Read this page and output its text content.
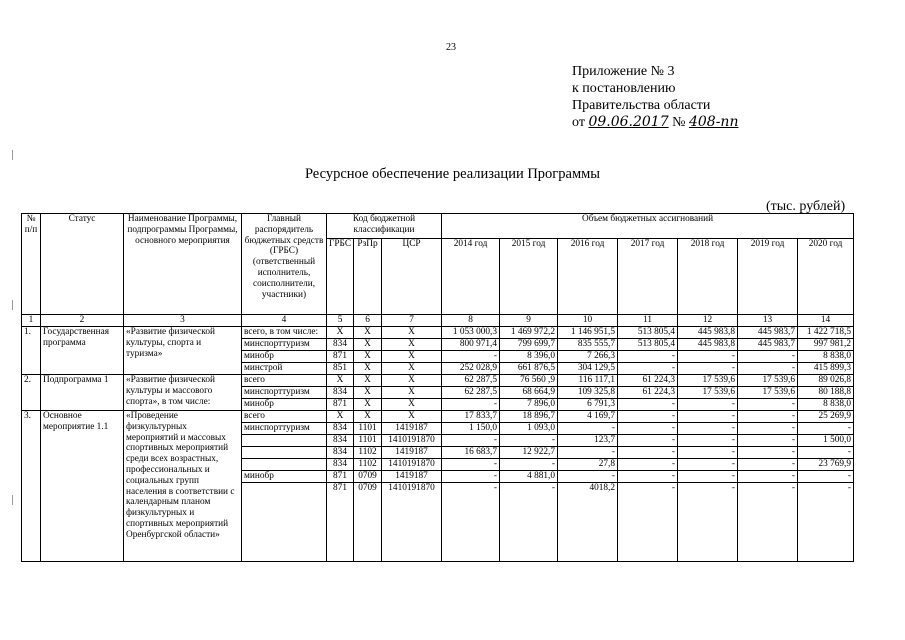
23
Приложение № 3
к постановлению
Правительства области
от 09.06.2017 № 408-пп
Ресурсное обеспечение реализации Программы
(тыс. рублей)
№ п/п	Статус	Наименование Программы, подпрограммы Программы, основного мероприятия	Главный распорядитель бюджетных средств (ГРБС) (ответственный исполнитель, соисполнители, участники)	Код бюджетной классификации			Объем бюджетных ассигнований						
				ГРБС	РзПр	ЦСР	2014 год	2015 год	2016 год	2017 год	2018 год	2019 год	2020 год
1	2	3	4	5	6	7	8	9	10	11	12	13	14
1.	Государственная программа	«Развитие физической культуры, спорта и туризма»	всего, в том числе:	Х	Х	Х	1 053 000,3	1 469 972,2	1 146 951,5	513 805,4	445 983,8	445 983,7	1 422 718,5
			минспорттуризм	834	Х	Х	800 971,4	799 699,7	835 555,7	513 805,4	445 983,8	445 983,7	997 981,2
			минобр	871	Х	Х	-	8 396,0	7 266,3	-	-	-	8 838,0
			минстрой	851	Х	Х	252 028,9	661 876,5	304 129,5	-	-	-	415 899,3
2.	Подпрограмма 1	«Развитие физической культуры и массового спорта», в том числе:	всего	Х	Х	Х	62 287,5	76 560 ,9	116 117,1	61 224,3	17 539,6	17 539,6	89 026,8
			минспорттуризм	834	Х	Х	62 287,5	68 664,9	109 325,8	61 224,3	17 539,6	17 539,6	80 188,8
			минобр	871	Х	Х	-	7 896,0	6 791,3	-	-	-	8 838,0
3.	Основное мероприятие 1.1	«Проведение физкультурных мероприятий и массовых спортивных мероприятий среди всех возрастных, профессиональных и социальных групп населения в соответствии с календарным планом физкультурных и спортивных мероприятий Оренбургской области»	всего	Х	Х	Х	17 833,7	18 896,7	4 169,7	-	-	-	25 269,9
			минспорттуризм	834	1101	1419187	1 150,0	1 093,0	-	-	-	-	-
				834	1101	1410191870	-	-	123,7	-	-	-	1 500,0
				834	1102	1419187	16 683,7	12 922,7	-	-	-	-	-
				834	1102	1410191870	-	-	27,8	-	-	-	23 769,9
			минобр	871	0709	1419187	-	4 881,0	-	-	-	-	-
				871	0709	1410191870	-	-	4018,2	-	-	-	-
